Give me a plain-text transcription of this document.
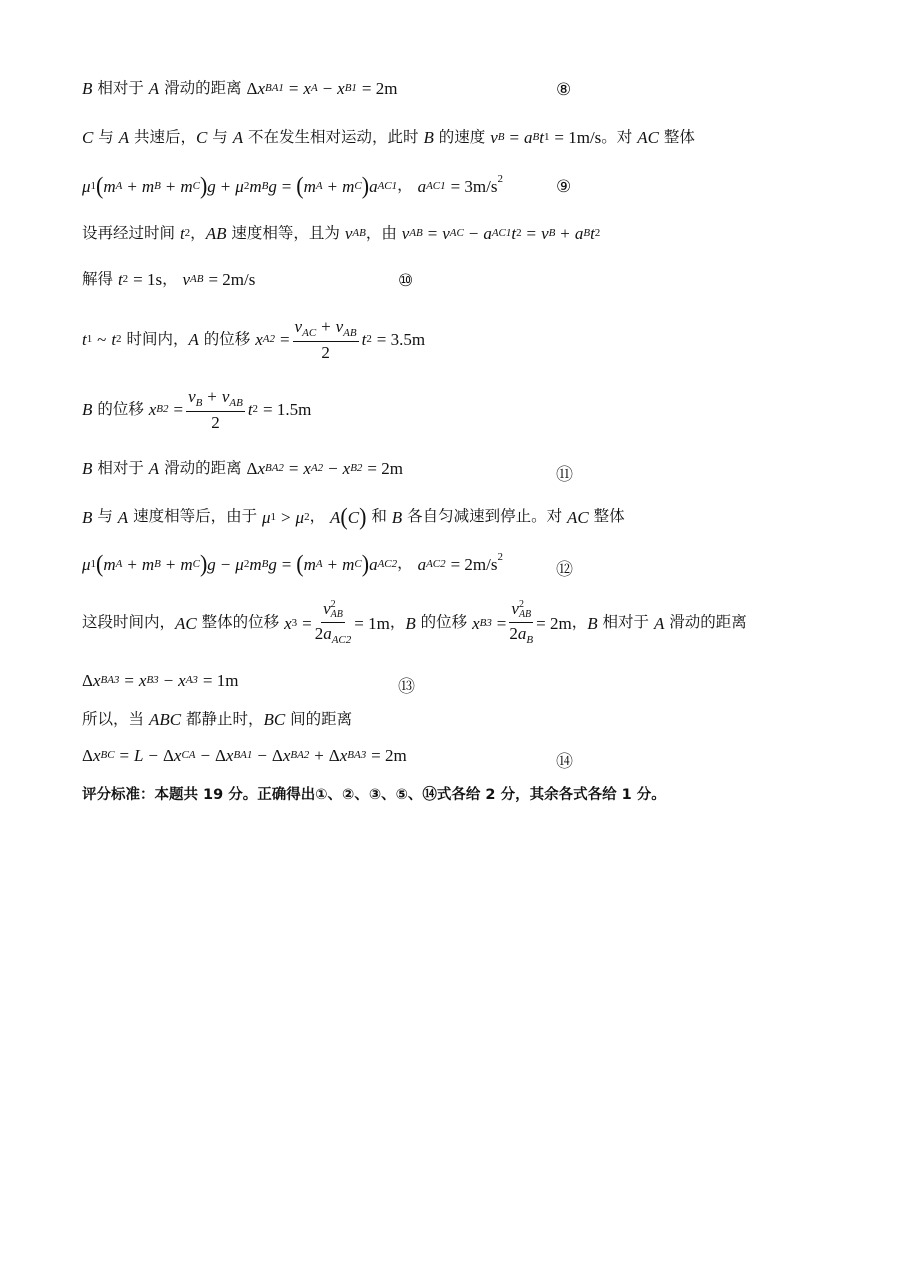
B 相对于 A 滑动的距离 Δ x BA1
=
x A
−
x B1
= 2m	⑧
C 与 A 共速后， C 与 A 不在发生相对运动，此时 B 的速度 v B
=
a B t 1
= 1m/s 。对 AC 整体
μ 1 ( m A
+
m B
+
m C ) g
+
μ 2 m B g
=
( m A
+
m C ) a AC1 ， a AC1
= $3m/s^2$	⑨
设再经过时间 t 2 ， AB 速度相等，且为 v AB ，由 v AB
=
v AC
−
a AC1 t 2
=
v B
+
a B t 2
解得 t 2
= 1s ， v AB
= 2m/s	⑩
t 1
~
t 2 时间内， A 的位移 x A2
= $\frac{v_{AC} + v_{AB}}{2}$ t 2
= 3.5m
B 的位移 x B2
= $\frac{v_B + v_{AB}}{2}$ t 2
= 1.5m
B 相对于 A 滑动的距离 Δ x BA2
=
x A2
−
x B2
= 2m	⑪
B 与 A 速度相等后，由于 μ 1
>
μ 2 ， A ( C ) 和 B 各自匀减速到停止。对 AC 整体
μ 1 ( m A
+
m B
+
m C ) g
−
μ 2 m B g
=
( m A
+
m C ) a AC2 ， a AC2
= $2m/s^2$
⑫
这段时间内， AC 整体的位移 x 3
= v 2
AB
$2a_{AC2} = 1m$ ， B 的位移 x B3
= v 2
AB
$2a_B = 2m$ ， B 相对于 A 滑动的距离
Δ x BA3
=
x B3
−
x A3
= 1m	⑬
所以，当 ABC 都静止时， BC 间的距离
Δ x BC
=
L
−
Δ x CA
−
Δ x BA1
−
Δ x BA2
+
Δ x BA3
= 2m	⑭
评分标准：本题共 19 分。正确得出①、②、③、⑤、⑭式各给 2 分，其余各式各给 1 分。
